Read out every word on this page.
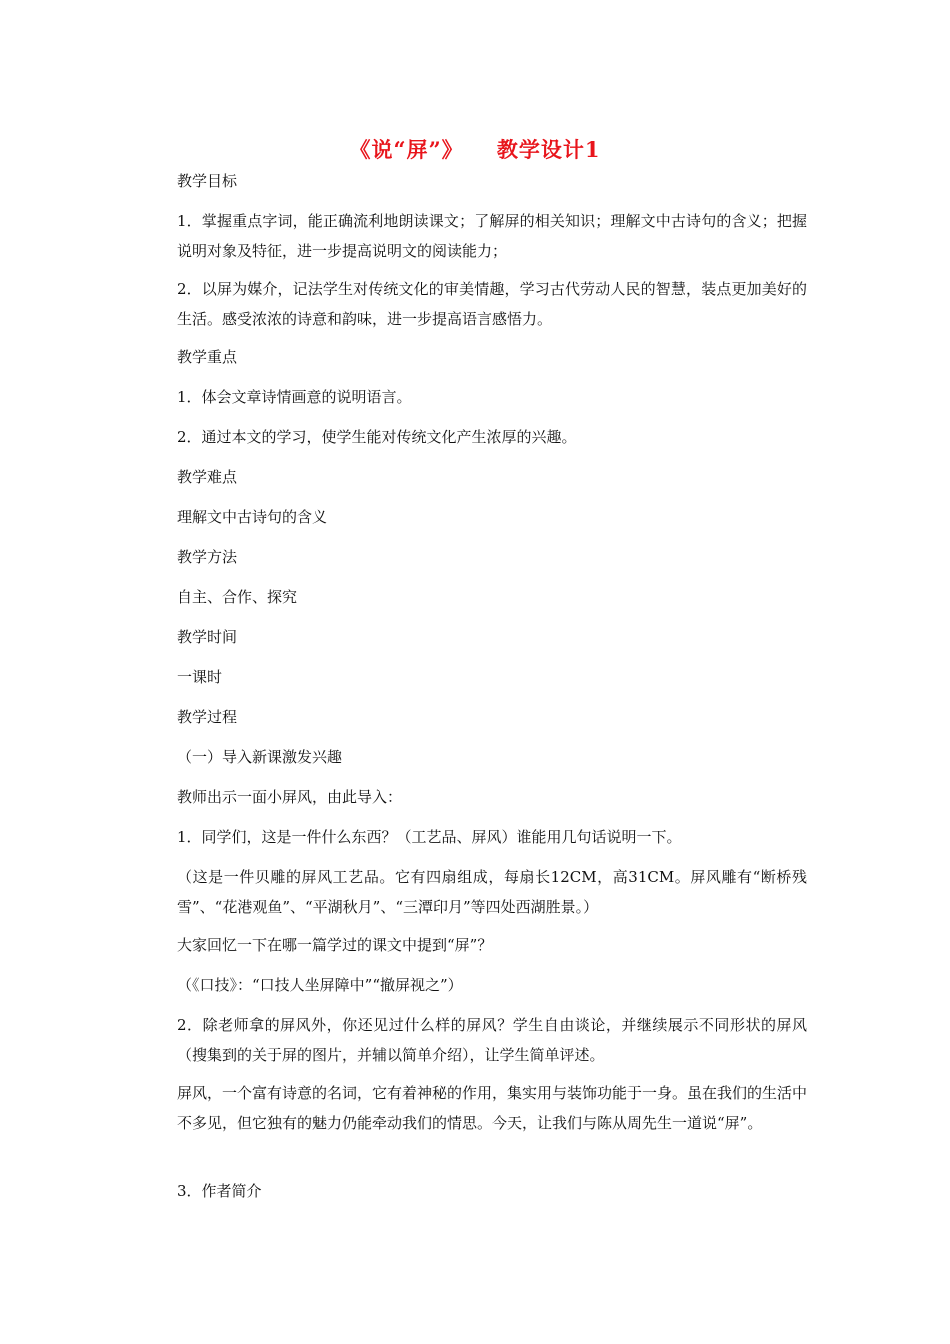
《说“屏”》    教学设计1
教学目标
1．掌握重点字词，能正确流利地朗读课文；了解屏的相关知识；理解文中古诗句的含义；把握说明对象及特征，进一步提高说明文的阅读能力；
2．以屏为媒介，记法学生对传统文化的审美情趣，学习古代劳动人民的智慧，装点更加美好的生活。感受浓浓的诗意和韵味，进一步提高语言感悟力。
教学重点
1．体会文章诗情画意的说明语言。
2．通过本文的学习，使学生能对传统文化产生浓厚的兴趣。
教学难点
理解文中古诗句的含义
教学方法
自主、合作、探究
教学时间
一课时
教学过程
（一）导入新课激发兴趣
教师出示一面小屏风，由此导入：
1．同学们，这是一件什么东西？（工艺品、屏风）谁能用几句话说明一下。
（这是一件贝雕的屏风工艺品。它有四扇组成，每扇长12CM，高31CM。屏风雕有“断桥残雪”、“花港观鱼”、“平湖秋月”、“三潭印月”等四处西湖胜景。）
大家回忆一下在哪一篇学过的课文中提到“屏”？
（《口技》：“口技人坐屏障中”“撤屏视之”）
2．除老师拿的屏风外，你还见过什么样的屏风？学生自由谈论，并继续展示不同形状的屏风（搜集到的关于屏的图片，并辅以简单介绍），让学生简单评述。
屏风，一个富有诗意的名词，它有着神秘的作用，集实用与装饰功能于一身。虽在我们的生活中不多见，但它独有的魅力仍能牵动我们的情思。今天，让我们与陈从周先生一道说“屏”。
3．作者简介
